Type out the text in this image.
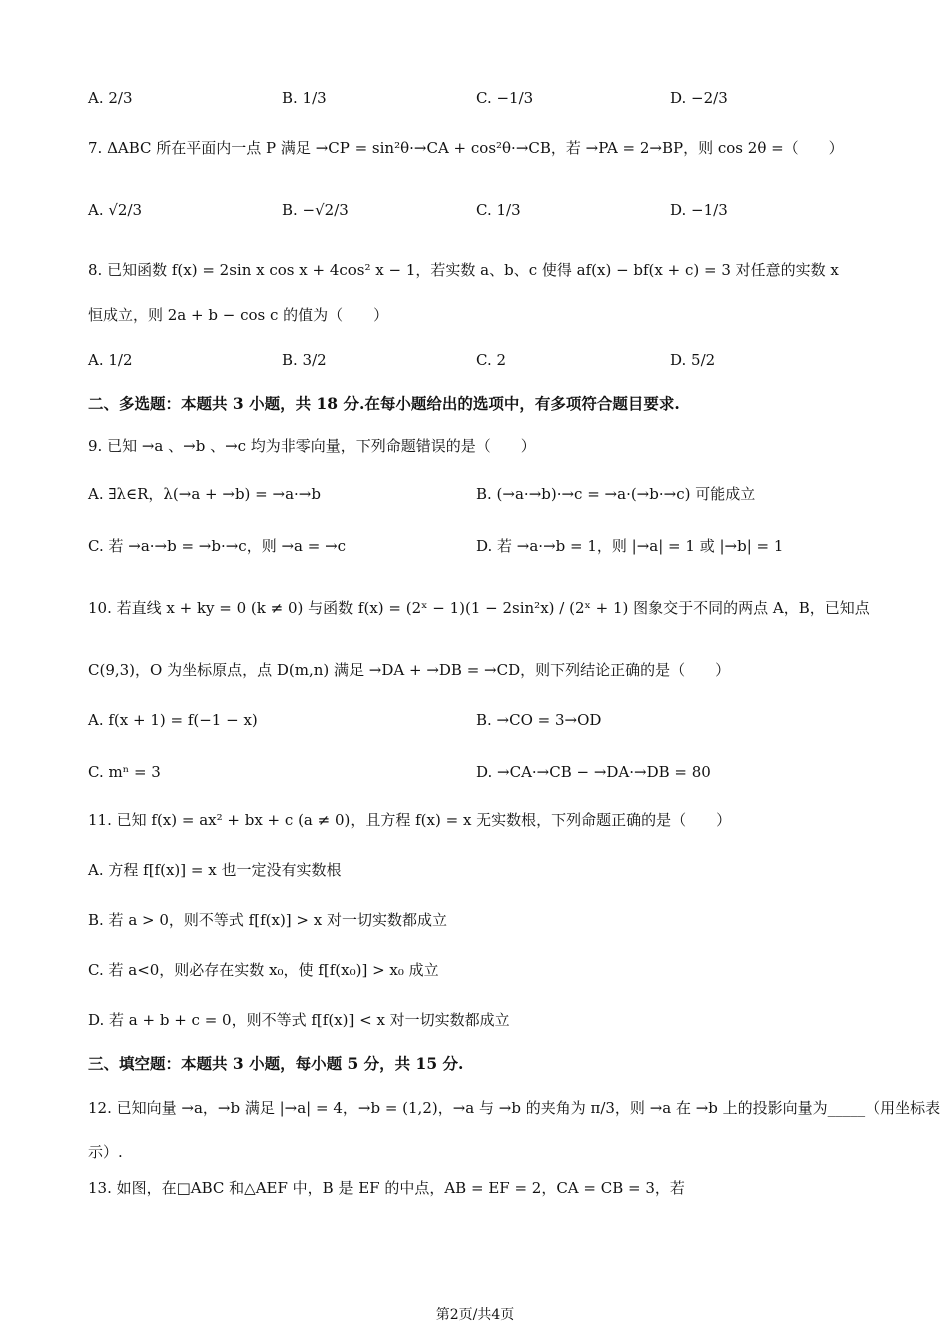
A. 2/3	B. 1/3	C. −1/3	D. −2/3
7. ΔABC 所在平面内一点 P 满足 →CP = sin²θ·→CA + cos²θ·→CB，若 →PA = 2→BP，则 cos 2θ =（　　）
A. √2/3	B. −√2/3	C. 1/3	D. −1/3
8. 已知函数 f(x) = 2sin x cos x + 4cos² x − 1，若实数 a、b、c 使得 af(x) − bf(x + c) = 3 对任意的实数 x
恒成立，则 2a + b − cos c 的值为（　　）
A. 1/2	B. 3/2	C. 2	D. 5/2
二、多选题：本题共 3 小题，共 18 分.在每小题给出的选项中，有多项符合题目要求.
9. 已知 →a 、→b 、→c 均为非零向量，下列命题错误的是（　　）
A. ∃λ∈R，λ(→a + →b) = →a·→b	B. (→a·→b)·→c = →a·(→b·→c) 可能成立
C. 若 →a·→b = →b·→c，则 →a = →c	D. 若 →a·→b = 1，则 |→a| = 1 或 |→b| = 1
10. 若直线 x + ky = 0 (k ≠ 0) 与函数 f(x) = (2ˣ − 1)(1 − 2sin²x) / (2ˣ + 1) 图象交于不同的两点 A，B，已知点
C(9,3)，O 为坐标原点，点 D(m,n) 满足 →DA + →DB = →CD，则下列结论正确的是（　　）
A. f(x + 1) = f(−1 − x)	B. →CO = 3→OD
C. mⁿ = 3	D. →CA·→CB − →DA·→DB = 80
11. 已知 f(x) = ax² + bx + c (a ≠ 0)，且方程 f(x) = x 无实数根，下列命题正确的是（　　）
A. 方程 f[f(x)] = x 也一定没有实数根
B. 若 a > 0，则不等式 f[f(x)] > x 对一切实数都成立
C. 若 a<0，则必存在实数 x₀，使 f[f(x₀)] > x₀ 成立
D. 若 a + b + c = 0，则不等式 f[f(x)] < x 对一切实数都成立
三、填空题：本题共 3 小题，每小题 5 分，共 15 分.
12. 已知向量 →a，→b 满足 |→a| = 4，→b = (1,2)，→a 与 →b 的夹角为 π/3，则 →a 在 →b 上的投影向量为_____（用坐标表
示）.
13. 如图，在□ABC 和△AEF 中，B 是 EF 的中点，AB = EF = 2，CA = CB = 3，若
第2页/共4页
